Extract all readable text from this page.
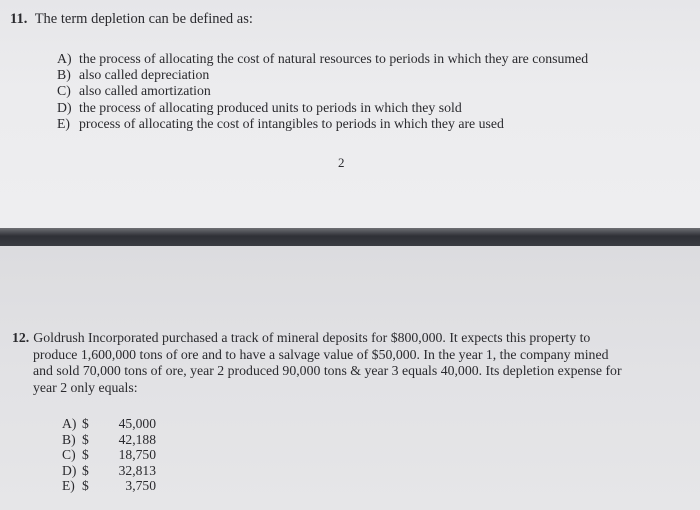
11. The term depletion can be defined as:
A) the process of allocating the cost of natural resources to periods in which they are consumed
B) also called depreciation
C) also called amortization
D) the process of allocating produced units to periods in which they sold
E) process of allocating the cost of intangibles to periods in which they are used
2
12. Goldrush Incorporated purchased a track of mineral deposits for $800,000. It expects this property to
produce 1,600,000 tons of ore and to have a salvage value of $50,000. In the year 1, the company mined
and sold 70,000 tons of ore, year 2 produced 90,000 tons & year 3 equals 40,000. Its depletion expense for
year 2 only equals:
A) $ 45,000
B) $ 42,188
C) $ 18,750
D) $ 32,813
E) $	3,750
